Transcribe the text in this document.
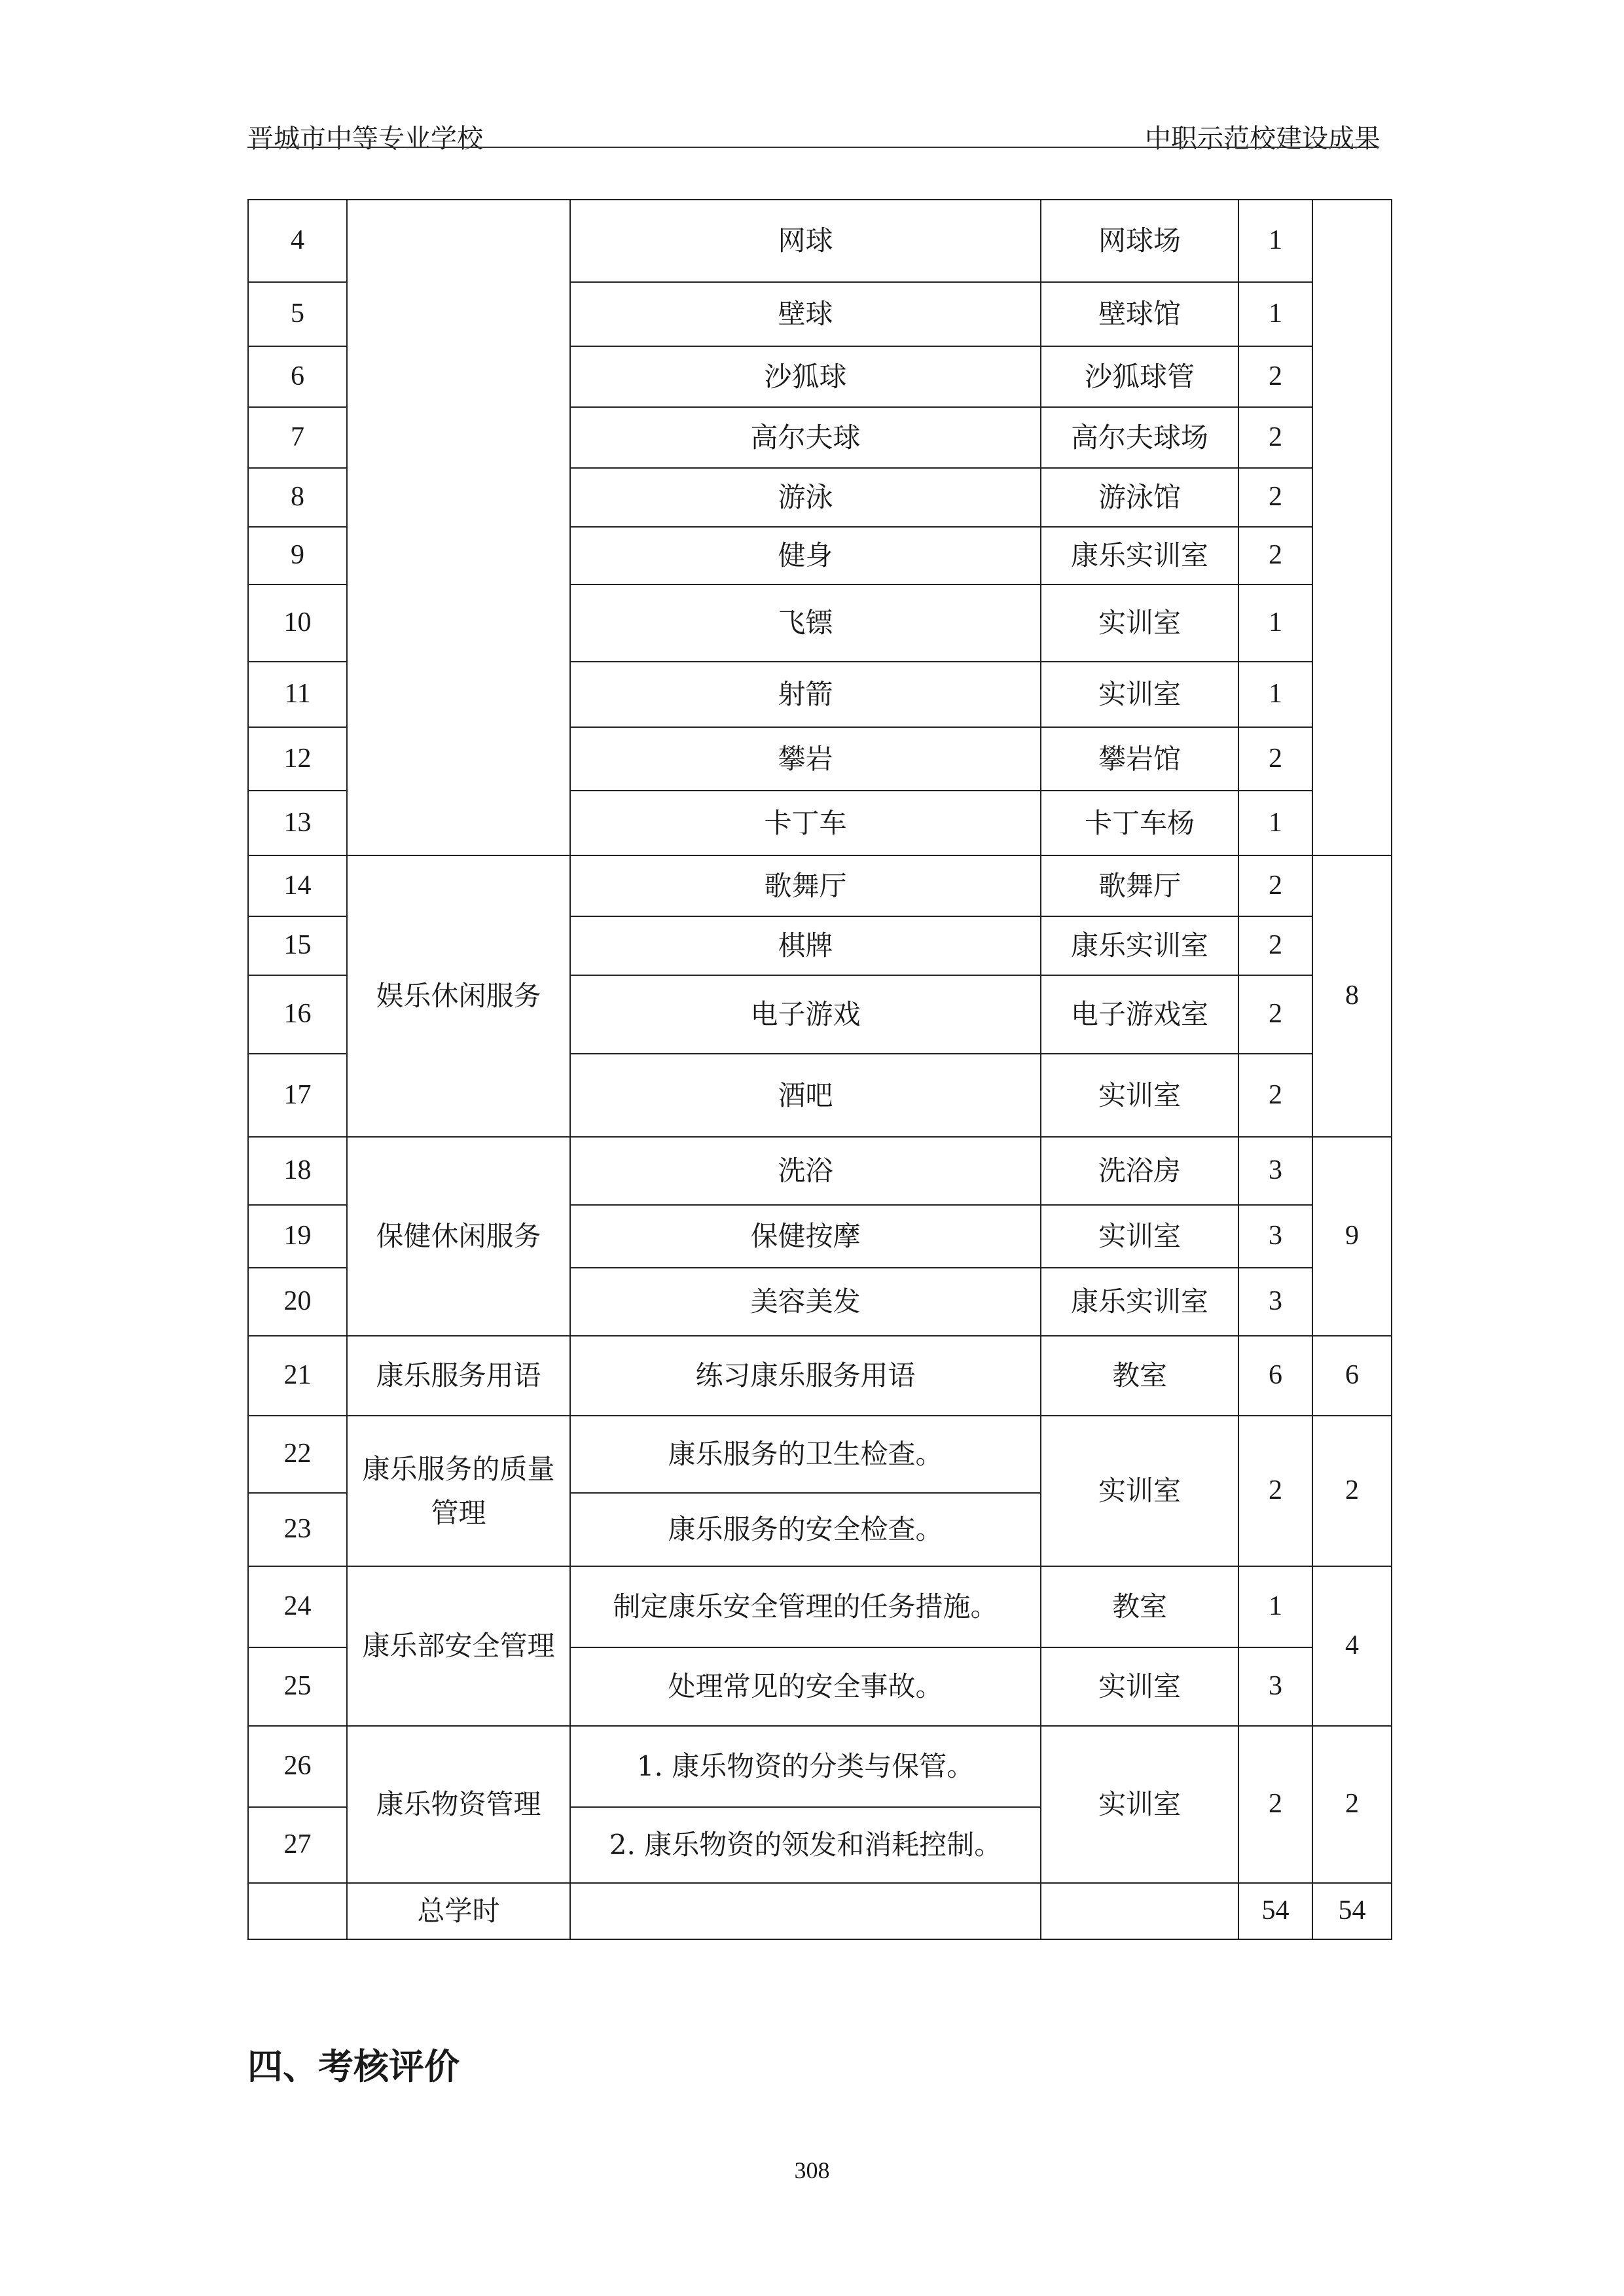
晋城市中等专业学校	中职示范校建设成果
4		网球	网球场	1	
5		壁球	壁球馆	1	
6		沙狐球	沙狐球管	2	
7		高尔夫球	高尔夫球场	2	
8		游泳	游泳馆	2	
9		健身	康乐实训室	2	
10		飞镖	实训室	1	
11		射箭	实训室	1	
12		攀岩	攀岩馆	2	
13		卡丁车	卡丁车杨	1	
14	娱乐休闲服务	歌舞厅	歌舞厅	2	8
15		棋牌	康乐实训室	2	
16		电子游戏	电子游戏室	2	
17		酒吧	实训室	2	
18	保健休闲服务	洗浴	洗浴房	3	9
19		保健按摩	实训室	3	
20		美容美发	康乐实训室	3	
21	康乐服务用语	练习康乐服务用语	教室	6	6
22	康乐服务的质量管理	康乐服务的卫生检查。	实训室	2	2
23		康乐服务的安全检查。			
24	康乐部安全管理	制定康乐安全管理的任务措施。	教室	1	4
25		处理常见的安全事故。	实训室	3	
26	康乐物资管理	1. 康乐物资的分类与保管。	实训室	2	2
27		2. 康乐物资的领发和消耗控制。			
	总学时			54	54
四、考核评价
308
